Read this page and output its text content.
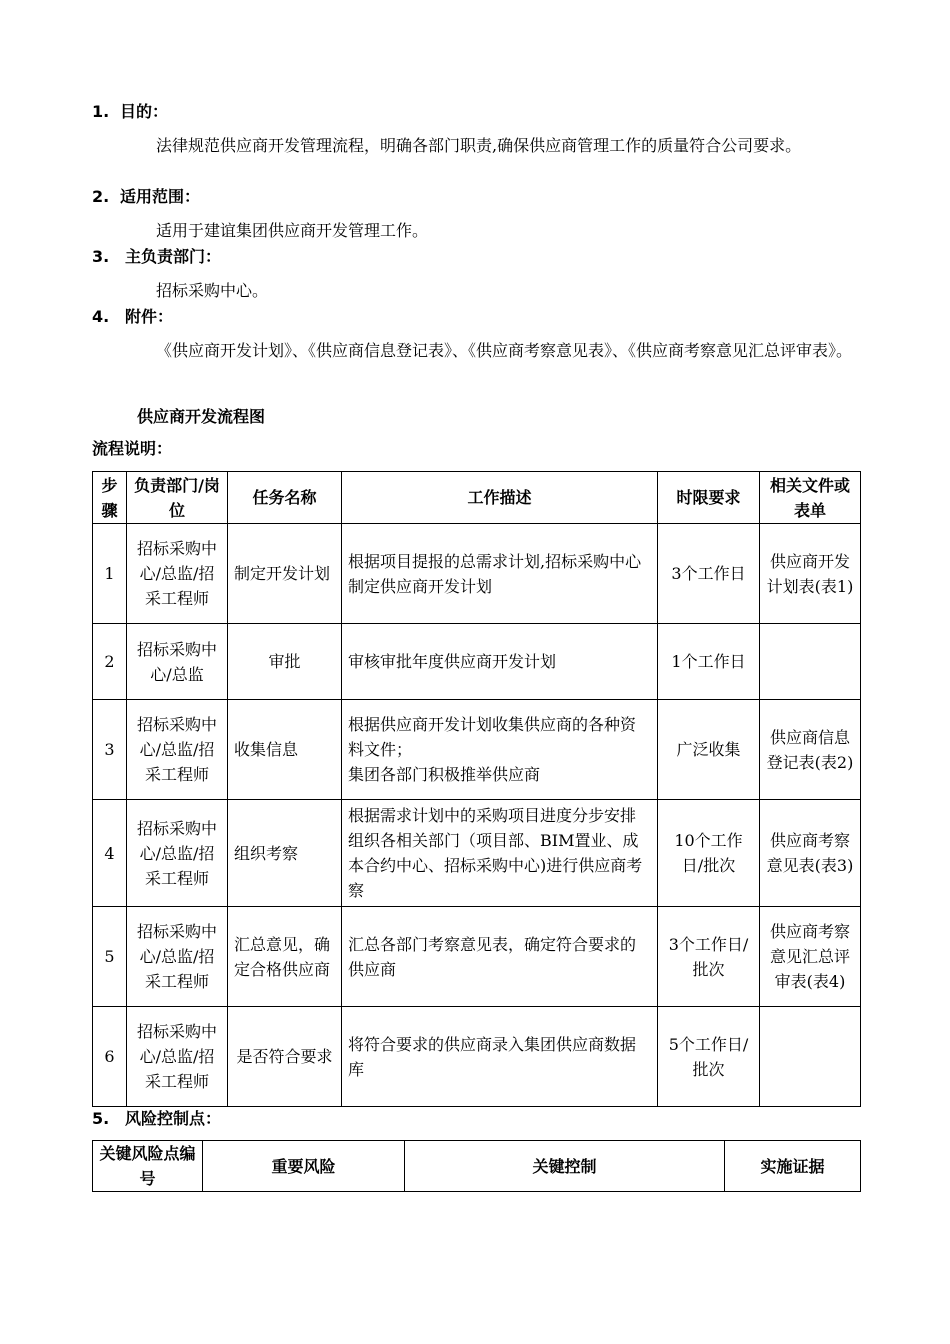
1. 目的：
法律规范供应商开发管理流程，明确各部门职责,确保供应商管理工作的质量符合公司要求。
2. 适用范围：
适用于建谊集团供应商开发管理工作。
3. 主负责部门：
招标采购中心。
4. 附件：
《供应商开发计划》、《供应商信息登记表》、《供应商考察意见表》、《供应商考察意见汇总评审表》。
供应商开发流程图
流程说明：
步骤	负责部门/岗位	任务名称	工作描述	时限要求	相关文件或表单
1	招标采购中心/总监/招采工程师	制定开发计划	根据项目提报的总需求计划,招标采购中心制定供应商开发计划	3个工作日	供应商开发计划表(表1)
2	招标采购中心/总监	审批	审核审批年度供应商开发计划	1个工作日	
3	招标采购中心/总监/招采工程师	收集信息	根据供应商开发计划收集供应商的各种资料文件；
集团各部门积极推举供应商	广泛收集	供应商信息登记表(表2)
4	招标采购中心/总监/招采工程师	组织考察	根据需求计划中的采购项目进度分步安排组织各相关部门（项目部、BIM置业、成本合约中心、招标采购中心)进行供应商考察	10个工作日/批次	供应商考察意见表(表3)
5	招标采购中心/总监/招采工程师	汇总意见，确定合格供应商	汇总各部门考察意见表，确定符合要求的供应商	3个工作日/批次	供应商考察意见汇总评审表(表4)
6	招标采购中心/总监/招采工程师	是否符合要求	将符合要求的供应商录入集团供应商数据库	5个工作日/批次	
5. 风险控制点：
关键风险点编号	重要风险	关键控制	实施证据
